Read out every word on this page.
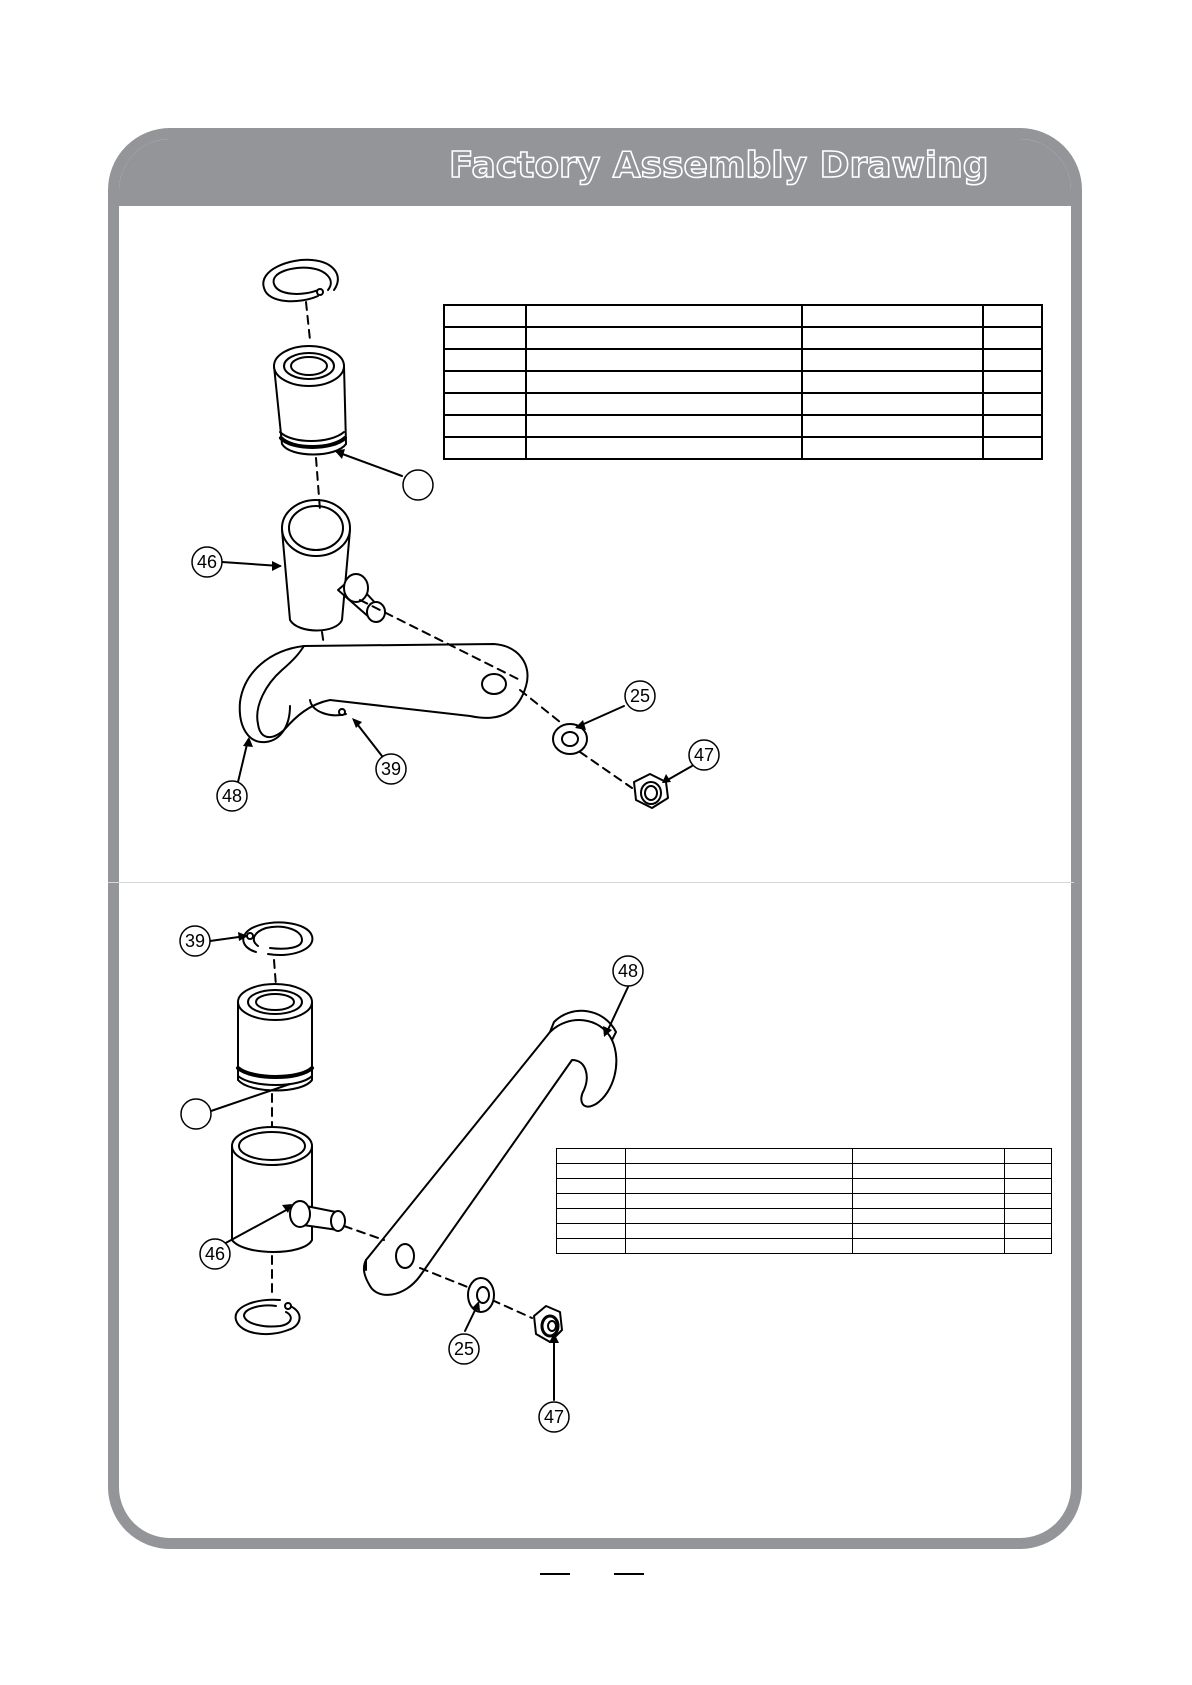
Factory Assembly Drawing
46
25
47
39
48
39
48
46
25
47
